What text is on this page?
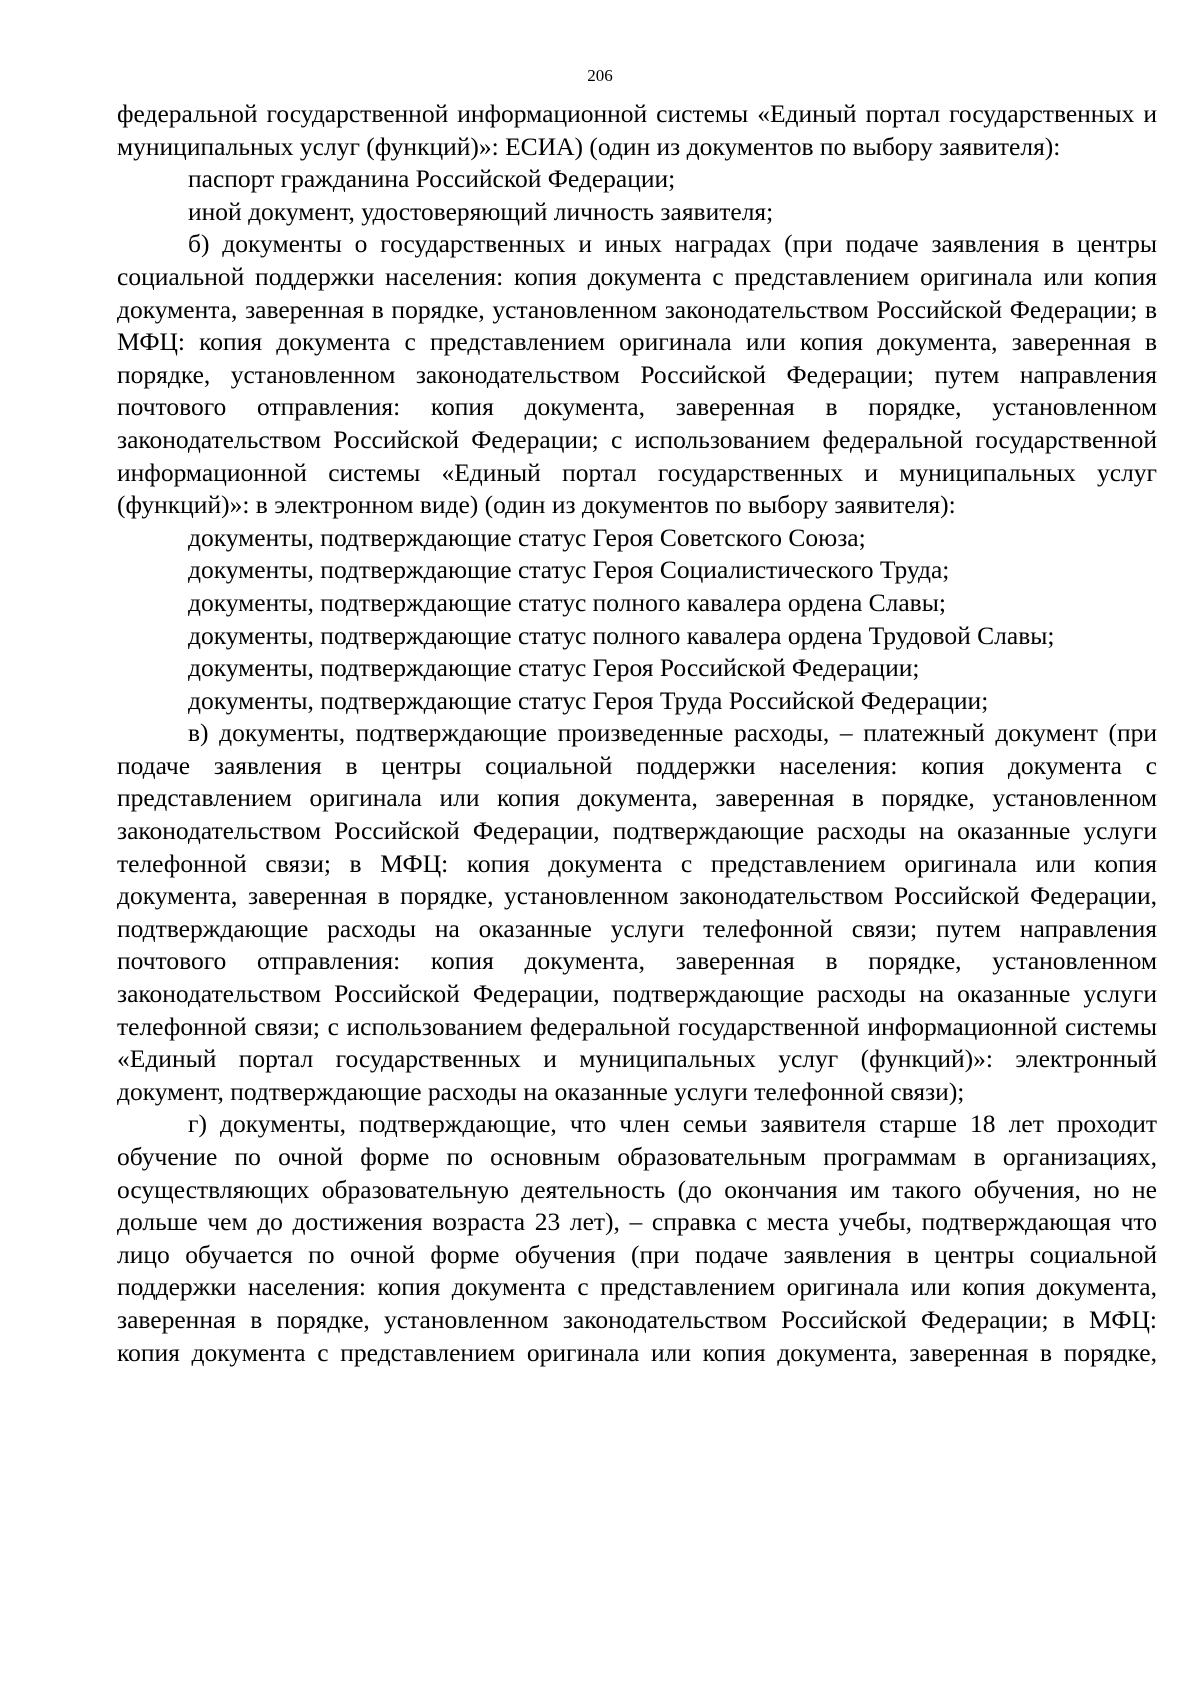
206

федеральной государственной информационной системы «Единый портал государственных и муниципальных услуг (функций)»: ЕСИА) (один из документов по выбору заявителя):

паспорт гражданина Российской Федерации;

иной документ, удостоверяющий личность заявителя;

б) документы о государственных и иных наградах (при подаче заявления в центры социальной поддержки населения: копия документа с представлением оригинала или копия документа, заверенная в порядке, установленном законодательством Российской Федерации; в МФЦ: копия документа с представлением оригинала или копия документа, заверенная в порядке, установленном законодательством Российской Федерации; путем направления почтового отправления: копия документа, заверенная в порядке, установленном законодательством Российской Федерации; с использованием федеральной государственной информационной системы «Единый портал государственных и муниципальных услуг (функций)»: в электронном виде) (один из документов по выбору заявителя):

документы, подтверждающие статус Героя Советского Союза;

документы, подтверждающие статус Героя Социалистического Труда;

документы, подтверждающие статус полного кавалера ордена Славы;

документы, подтверждающие статус полного кавалера ордена Трудовой Славы;

документы, подтверждающие статус Героя Российской Федерации;

документы, подтверждающие статус Героя Труда Российской Федерации;

в) документы, подтверждающие произведенные расходы, – платежный документ (при подаче заявления в центры социальной поддержки населения: копия документа с представлением оригинала или копия документа, заверенная в порядке, установленном законодательством Российской Федерации, подтверждающие расходы на оказанные услуги телефонной связи; в МФЦ: копия документа с представлением оригинала или копия документа, заверенная в порядке, установленном законодательством Российской Федерации, подтверждающие расходы на оказанные услуги телефонной связи; путем направления почтового отправления: копия документа, заверенная в порядке, установленном законодательством Российской Федерации, подтверждающие расходы на оказанные услуги телефонной связи; с использованием федеральной государственной информационной системы «Единый портал государственных и муниципальных услуг (функций)»: электронный документ, подтверждающие расходы на оказанные услуги телефонной связи);

г) документы, подтверждающие, что член семьи заявителя старше 18 лет проходит обучение по очной форме по основным образовательным программам в организациях, осуществляющих образовательную деятельность (до окончания им такого обучения, но не дольше чем до достижения возраста 23 лет), – справка с места учебы, подтверждающая что лицо обучается по очной форме обучения (при подаче заявления в центры социальной поддержки населения: копия документа с представлением оригинала или копия документа, заверенная в порядке, установленном законодательством Российской Федерации; в МФЦ: копия документа с представлением оригинала или копия документа, заверенная в порядке,
